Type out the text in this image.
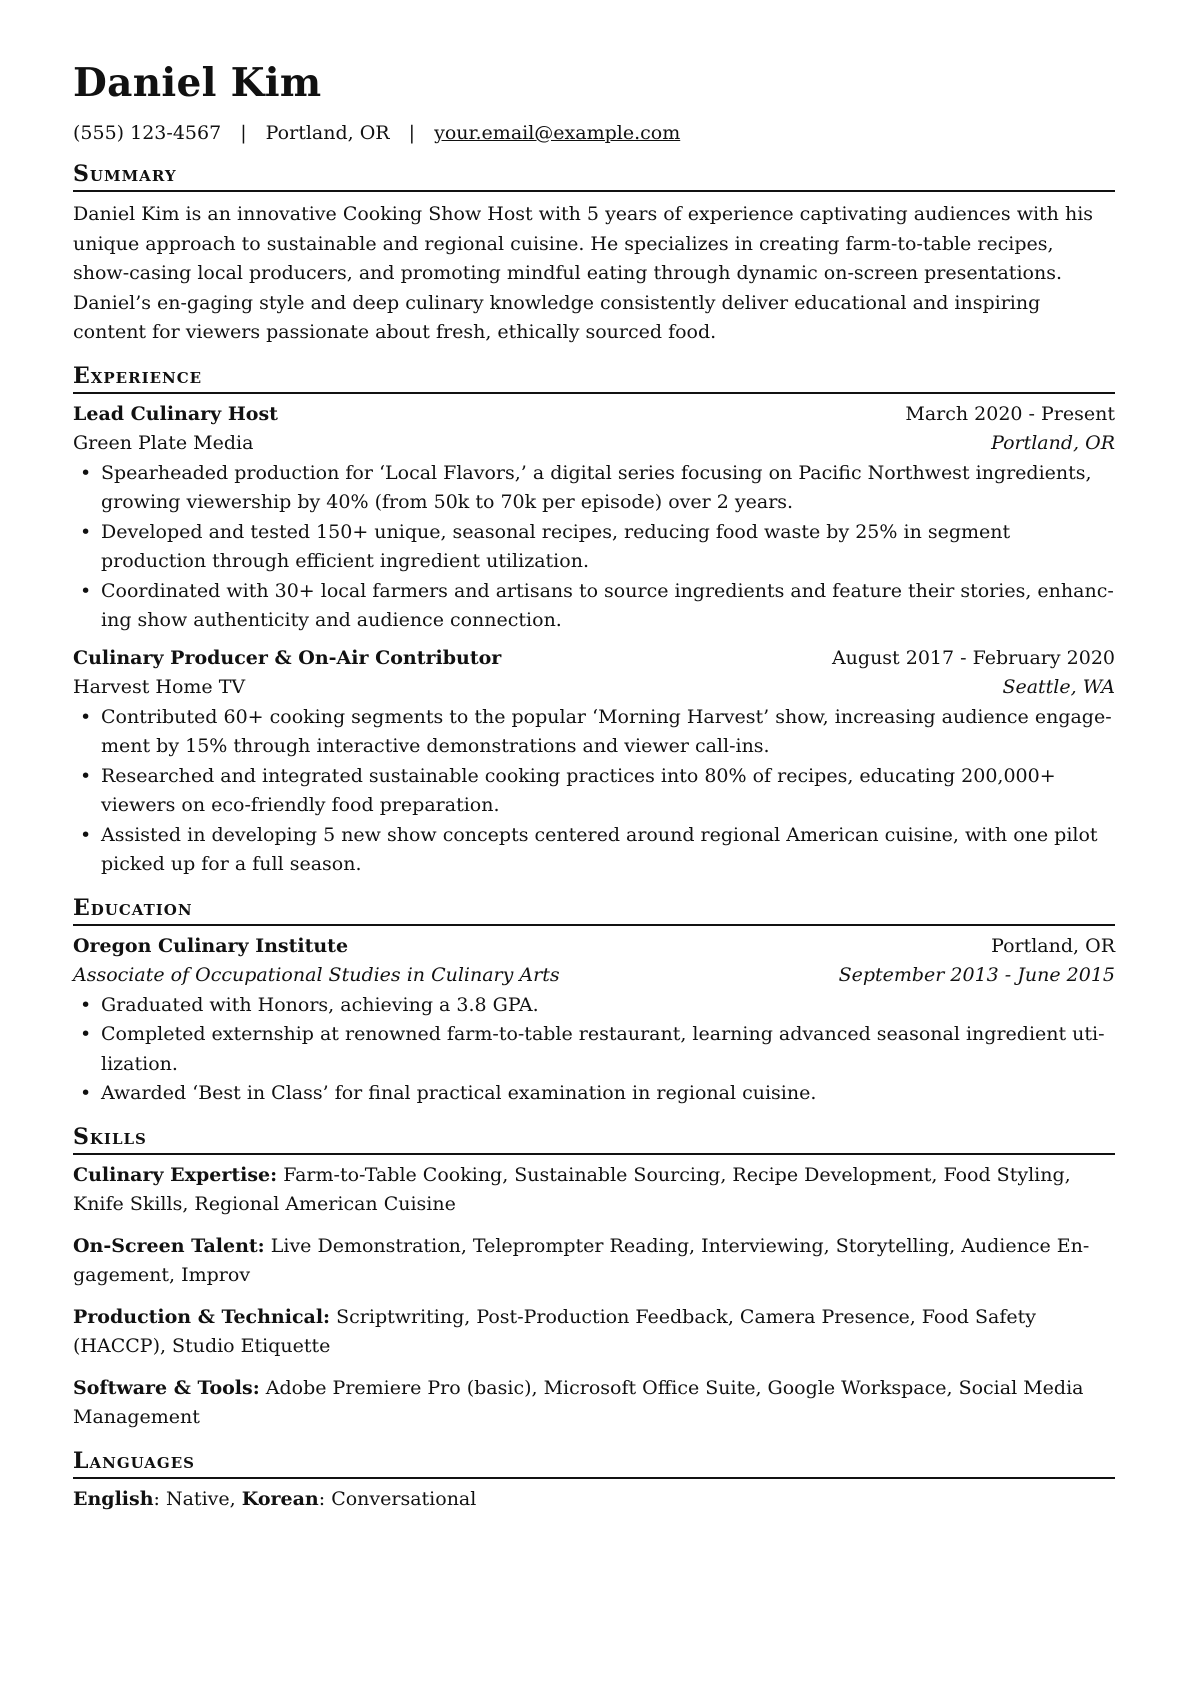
Daniel Kim
(555) 123-4567 | Portland, OR | your.email@example.com
Summary

Daniel Kim is an innovative Cooking Show Host with 5 years of experience captivating audiences with his unique approach to sustainable and regional cuisine. He specializes in creating farm-to-table recipes, show-casing local producers, and promoting mindful eating through dynamic on-screen presentations. Daniel’s en-gaging style and deep culinary knowledge consistently deliver educational and inspiring content for viewers passionate about fresh, ethically sourced food.

Experience
Lead Culinary Host	March 2020 - Present
Green Plate Media	Portland, OR
• Spearheaded production for ‘Local Flavors,’ a digital series focusing on Pacific Northwest ingredients, growing viewership by 40% (from 50k to 70k per episode) over 2 years.
• Developed and tested 150+ unique, seasonal recipes, reducing food waste by 25% in segment production through efficient ingredient utilization.
• Coordinated with 30+ local farmers and artisans to source ingredients and feature their stories, enhanc-ing show authenticity and audience connection.
Culinary Producer & On-Air Contributor	August 2017 - February 2020
Harvest Home TV	Seattle, WA
• Contributed 60+ cooking segments to the popular ‘Morning Harvest’ show, increasing audience engage-ment by 15% through interactive demonstrations and viewer call-ins.
• Researched and integrated sustainable cooking practices into 80% of recipes, educating 200,000+ viewers on eco-friendly food preparation.
• Assisted in developing 5 new show concepts centered around regional American cuisine, with one pilot picked up for a full season.
Education
Oregon Culinary Institute	Portland, OR
Associate of Occupational Studies in Culinary Arts	September 2013 - June 2015
• Graduated with Honors, achieving a 3.8 GPA.
• Completed externship at renowned farm-to-table restaurant, learning advanced seasonal ingredient uti-lization.
• Awarded ‘Best in Class’ for final practical examination in regional cuisine.
Skills
Culinary Expertise: Farm-to-Table Cooking, Sustainable Sourcing, Recipe Development, Food Styling, Knife Skills, Regional American Cuisine
On-Screen Talent: Live Demonstration, Teleprompter Reading, Interviewing, Storytelling, Audience En-gagement, Improv
Production & Technical: Scriptwriting, Post-Production Feedback, Camera Presence, Food Safety (HACCP), Studio Etiquette
Software & Tools: Adobe Premiere Pro (basic), Microsoft Office Suite, Google Workspace, Social Media Management
Languages
English: Native, Korean: Conversational
